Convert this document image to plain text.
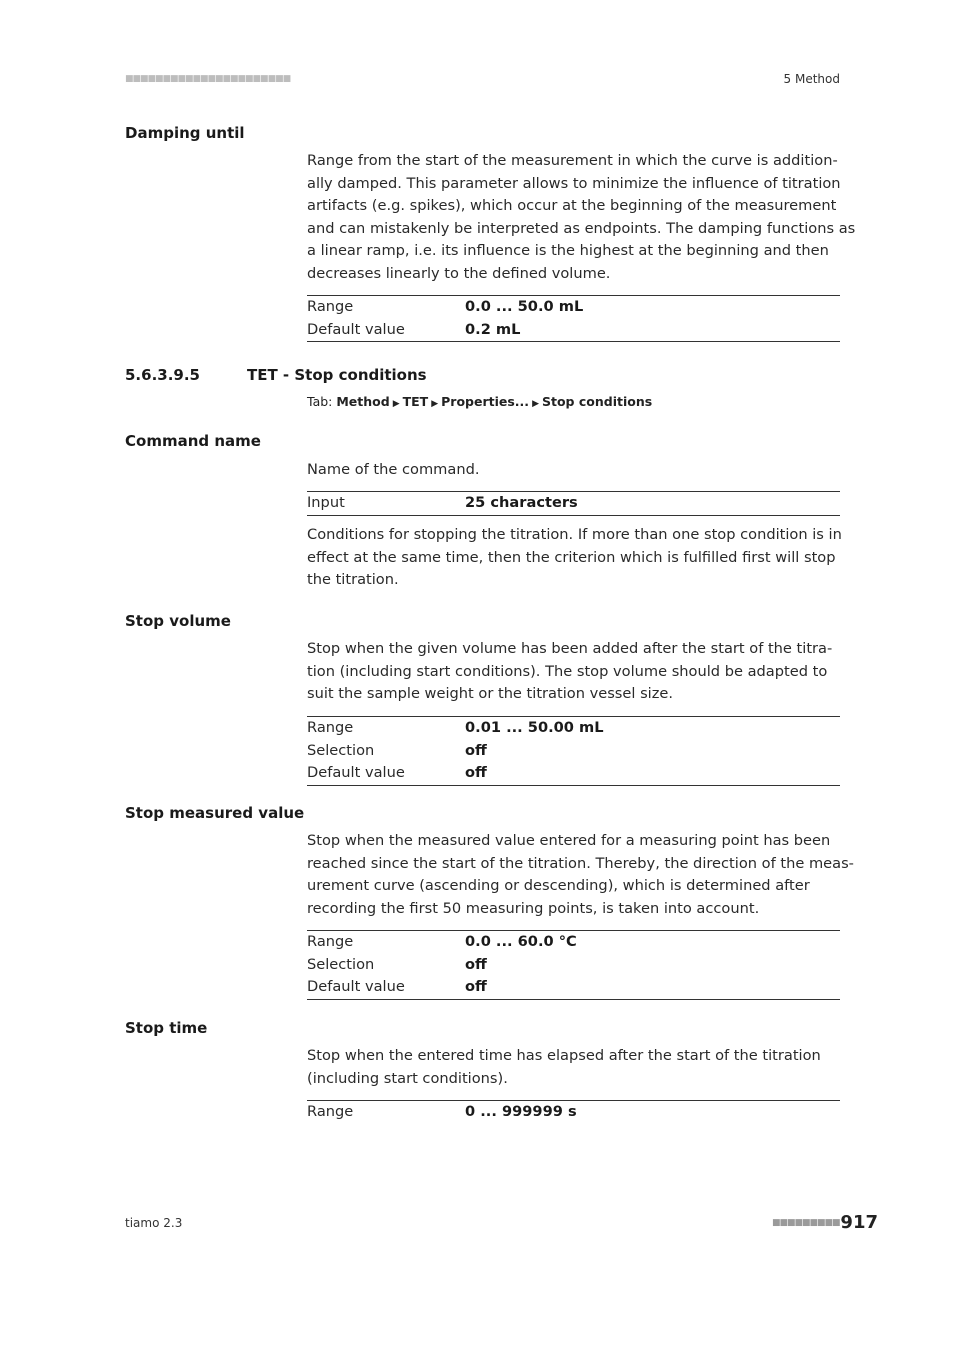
■■■■■■■■■■■■■■■■■■■■■■	5 Method
Damping until
Range from the start of the measurement in which the curve is addition-
ally damped. This parameter allows to minimize the influence of titration
artifacts (e.g. spikes), which occur at the beginning of the measurement
and can mistakenly be interpreted as endpoints. The damping functions as
a linear ramp, i.e. its influence is the highest at the beginning and then
decreases linearly to the defined volume.
Range	0.0 ... 50.0 mL
Default value	0.2 mL
5.6.3.9.5	TET - Stop conditions
Tab: Method ▶ TET ▶ Properties... ▶ Stop conditions
Command name
Name of the command.
Input	25 characters
Conditions for stopping the titration. If more than one stop condition is in
effect at the same time, then the criterion which is fulfilled first will stop
the titration.
Stop volume
Stop when the given volume has been added after the start of the titra-
tion (including start conditions). The stop volume should be adapted to
suit the sample weight or the titration vessel size.
Range	0.01 ... 50.00 mL
Selection	off
Default value	off
Stop measured value
Stop when the measured value entered for a measuring point has been
reached since the start of the titration. Thereby, the direction of the meas-
urement curve (ascending or descending), which is determined after
recording the first 50 measuring points, is taken into account.
Range	0.0 ... 60.0 °C
Selection	off
Default value	off
Stop time
Stop when the entered time has elapsed after the start of the titration
(including start conditions).
Range	0 ... 999999 s
tiamo 2.3	■■■■■■■■■ 917
